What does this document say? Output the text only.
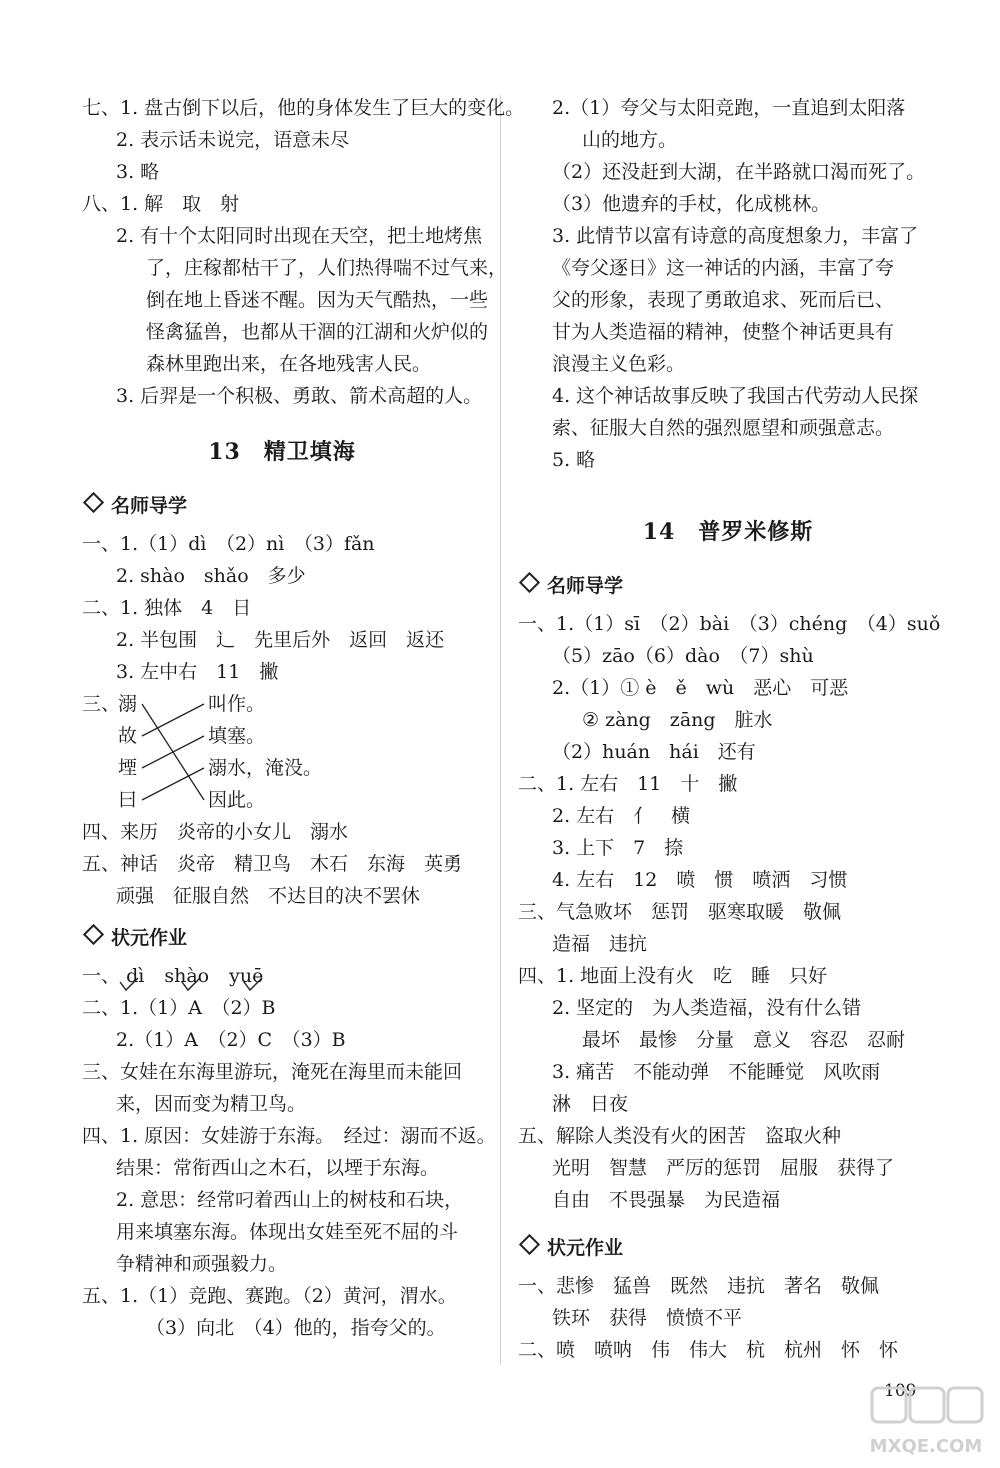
七、1. 盘古倒下以后，他的身体发生了巨大的变化。
2. 表示话未说完，语意未尽
3. 略
八、1. 解　取　射
2. 有十个太阳同时出现在天空，把土地烤焦
了，庄稼都枯干了，人们热得喘不过气来，
倒在地上昏迷不醒。因为天气酷热，一些
怪禽猛兽，也都从干涸的江湖和火炉似的
森林里跑出来，在各地残害人民。
3. 后羿是一个积极、勇敢、箭术高超的人。
13　精卫填海
名师导学
一、1.（1）dì　（2）nì　（3）fǎn
2. shào　shǎo　多少
二、1. 独体　4　日
2. 半包围　辶　先里后外　返回　返还
3. 左中右　11　撇
三、
溺
故
堙
曰
叫作。
填塞。
溺水，淹没。
因此。
四、来历　炎帝的小女儿　溺水
五、神话　炎帝　精卫鸟　木石　东海　英勇
顽强　征服自然　不达目的决不罢休
状元作业
一、 dì shào yuē
二、1.（1）A　（2）B
2.（1）A　（2）C　（3）B
三、女娃在东海里游玩，淹死在海里而未能回
来，因而变为精卫鸟。
四、1. 原因：女娃游于东海。　经过：溺而不返。
结果：常衔西山之木石，以堙于东海。
2. 意思：经常叼着西山上的树枝和石块，
用来填塞东海。体现出女娃至死不屈的斗
争精神和顽强毅力。
五、1.（1）竞跑、赛跑。（2）黄河，渭水。
（3）向北　（4）他的，指夸父的。
2.（1）夸父与太阳竞跑，一直追到太阳落
山的地方。
（2）还没赶到大湖，在半路就口渴而死了。
（3）他遗弃的手杖，化成桃林。
3. 此情节以富有诗意的高度想象力，丰富了
《夸父逐日》这一神话的内涵，丰富了夸
父的形象，表现了勇敢追求、死而后已、
甘为人类造福的精神，使整个神话更具有
浪漫主义色彩。
4. 这个神话故事反映了我国古代劳动人民探
索、征服大自然的强烈愿望和顽强意志。
5. 略
14　普罗米修斯
名师导学
一、1.（1）sī　（2）bài　（3）chéng　（4）suǒ
（5）zāo（6）dào　（7）shù
2.（1）① è　ě　wù　恶心　可恶
② zàng　zāng　脏水
（2）huán　hái　还有
二、1. 左右　11　十　撇
2. 左右　亻　横
3. 上下　7　捺
4. 左右　12　喷　惯　喷洒　习惯
三、气急败坏　惩罚　驱寒取暖　敬佩
造福　违抗
四、1. 地面上没有火　吃　睡　只好
2. 坚定的　为人类造福，没有什么错
最坏　最惨　分量　意义　容忍　忍耐
3. 痛苦　不能动弹　不能睡觉　风吹雨
淋　日夜
五、解除人类没有火的困苦　盗取火种
光明　智慧　严厉的惩罚　屈服　获得了
自由　不畏强暴　为民造福
状元作业
一、悲惨　猛兽　既然　违抗　著名　敬佩
铁环　获得　愤愤不平
二、喷　喷呐　伟　伟大　杭　杭州　怀　怀
109
MXQE.COM
